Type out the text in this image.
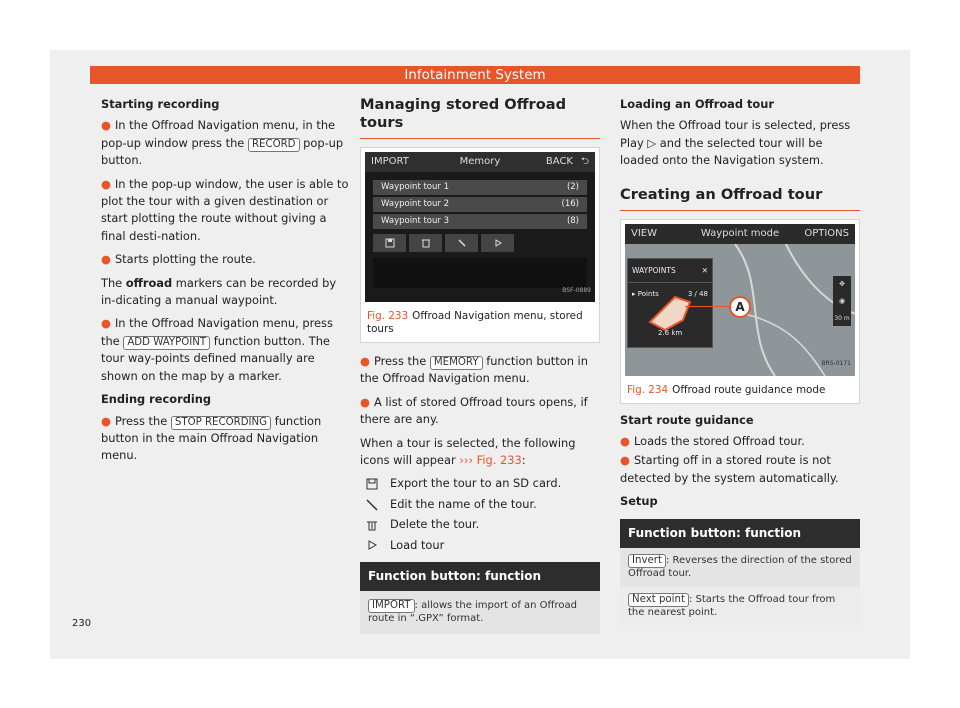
Infotainment System
Starting recording
● In the Offroad Navigation menu, in the pop-up window press the RECORD pop-up button.
● In the pop-up window, the user is able to plot the tour with a given destination or start plotting the route without giving a final desti-nation.
● Starts plotting the route.
The offroad markers can be recorded by in-dicating a manual waypoint.
● In the Offroad Navigation menu, press the ADD WAYPOINT function button. The tour way-points defined manually are shown on the map by a marker.
Ending recording
● Press the STOP RECORDING function button in the main Offroad Navigation menu.
Managing stored Offroad tours
IMPORT	Memory	BACK ⮌
Waypoint tour 1	(2)
Waypoint tour 2	(16)
Waypoint tour 3	(8)
BSF-0889
Fig. 233 Offroad Navigation menu, stored tours
● Press the MEMORY function button in the Offroad Navigation menu.
● A list of stored Offroad tours opens, if there are any.
When a tour is selected, the following icons will appear ››› Fig. 233:
Export the tour to an SD card.
Edit the name of the tour.
Delete the tour.
Load tour
Function button: function
IMPORT : allows the import of an Offroad route in “.GPX” format.
Loading an Offroad tour
When the Offroad tour is selected, press Play ▷ and the selected tour will be loaded onto the Navigation system.
Creating an Offroad tour
VIEW	Waypoint mode	OPTIONS
WAYPOINTS	✕
▸ Points	3 / 48
2.6 km
A
✥
◉
30 m
BRS-0171
Fig. 234 Offroad route guidance mode
Start route guidance
● Loads the stored Offroad tour.
● Starting off in a stored route is not detected by the system automatically.
Setup
Function button: function
Invert : Reverses the direction of the stored Offroad tour.
Next point : Starts the Offroad tour from the nearest point.
230
